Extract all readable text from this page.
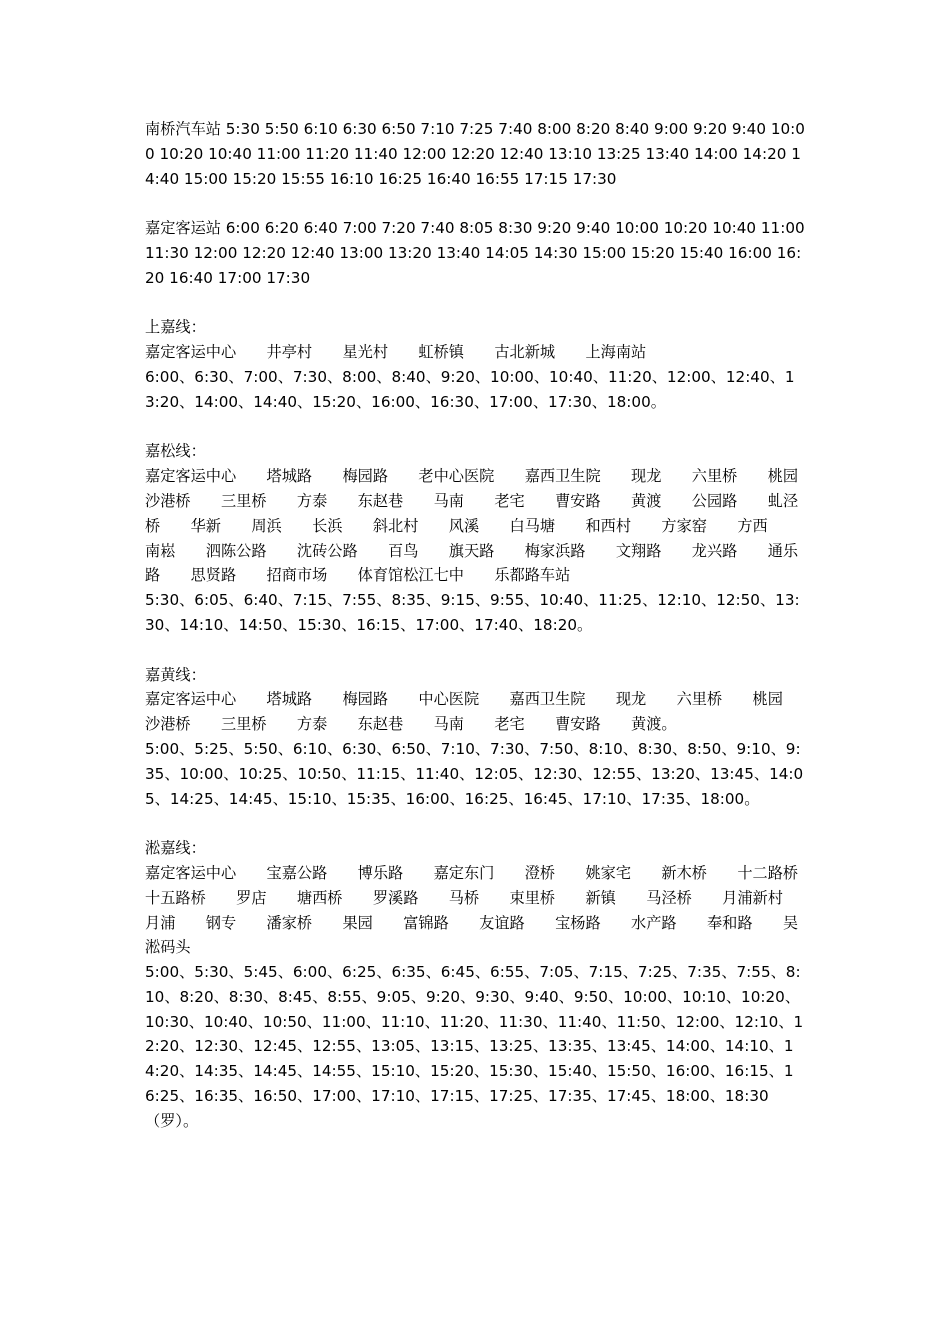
南桥汽车站 5:30 5:50 6:10 6:30 6:50 7:10 7:25 7:40 8:00 8:20 8:40 9:00 9:20 9:40 10:00 10:20 10:40 11:00 11:20 11:40 12:00 12:20 12:40 13:10 13:25 13:40 14:00 14:20 14:40 15:00 15:20 15:55 16:10 16:25 16:40 16:55 17:15 17:30

嘉定客运站 6:00 6:20 6:40 7:00 7:20 7:40 8:05 8:30 9:20 9:40 10:00 10:20 10:40 11:00 11:30 12:00 12:20 12:40 13:00 13:20 13:40 14:05 14:30 15:00 15:20 15:40 16:00 16:20 16:40 17:00 17:30

上嘉线：
嘉定客运中心　　井亭村　　星光村　　虹桥镇　　古北新城　　上海南站
6:00、6:30、7:00、7:30、8:00、8:40、9:20、10:00、10:40、11:20、12:00、12:40、13:20、14:00、14:40、15:20、16:00、16:30、17:00、17:30、18:00。

嘉松线：
嘉定客运中心　　塔城路　　梅园路　　老中心医院　　嘉西卫生院　　现龙　　六里桥　　桃园　　沙港桥　　三里桥　　方泰　　东赵巷　　马南　　老宅　　曹安路　　黄渡　　公园路　　虬泾桥　　华新　　周浜　　长浜　　斜北村　　风溪　　白马塘　　和西村　　方家窑　　方西　　南崧　　泗陈公路　　沈砖公路　　百鸟　　旗天路　　梅家浜路　　文翔路　　龙兴路　　通乐路　　思贤路　　招商市场　　体育馆松江七中　　乐都路车站
5:30、6:05、6:40、7:15、7:55、8:35、9:15、9:55、10:40、11:25、12:10、12:50、13:30、14:10、14:50、15:30、16:15、17:00、17:40、18:20。

嘉黄线：
嘉定客运中心　　塔城路　　梅园路　　中心医院　　嘉西卫生院　　现龙　　六里桥　　桃园　　沙港桥　　三里桥　　方泰　　东赵巷　　马南　　老宅　　曹安路　　黄渡。
5:00、5:25、5:50、6:10、6:30、6:50、7:10、7:30、7:50、8:10、8:30、8:50、9:10、9:35、10:00、10:25、10:50、11:15、11:40、12:05、12:30、12:55、13:20、13:45、14:05、14:25、14:45、15:10、15:35、16:00、16:25、16:45、17:10、17:35、18:00。

淞嘉线：
嘉定客运中心　　宝嘉公路　　博乐路　　嘉定东门　　澄桥　　姚家宅　　新木桥　　十二路桥　　十五路桥　　罗店　　塘西桥　　罗溪路　　马桥　　束里桥　　新镇　　马泾桥　　月浦新村　　月浦　　钢专　　潘家桥　　果园　　富锦路　　友谊路　　宝杨路　　水产路　　奉和路　　吴淞码头
5:00、5:30、5:45、6:00、6:25、6:35、6:45、6:55、7:05、7:15、7:25、7:35、7:55、8:10、8:20、8:30、8:45、8:55、9:05、9:20、9:30、9:40、9:50、10:00、10:10、10:20、10:30、10:40、10:50、11:00、11:10、11:20、11:30、11:40、11:50、12:00、12:10、12:20、12:30、12:45、12:55、13:05、13:15、13:25、13:35、13:45、14:00、14:10、14:20、14:35、14:45、14:55、15:10、15:20、15:30、15:40、15:50、16:00、16:15、16:25、16:35、16:50、17:00、17:10、17:15、17:25、17:35、17:45、18:00、18:30（罗）。
